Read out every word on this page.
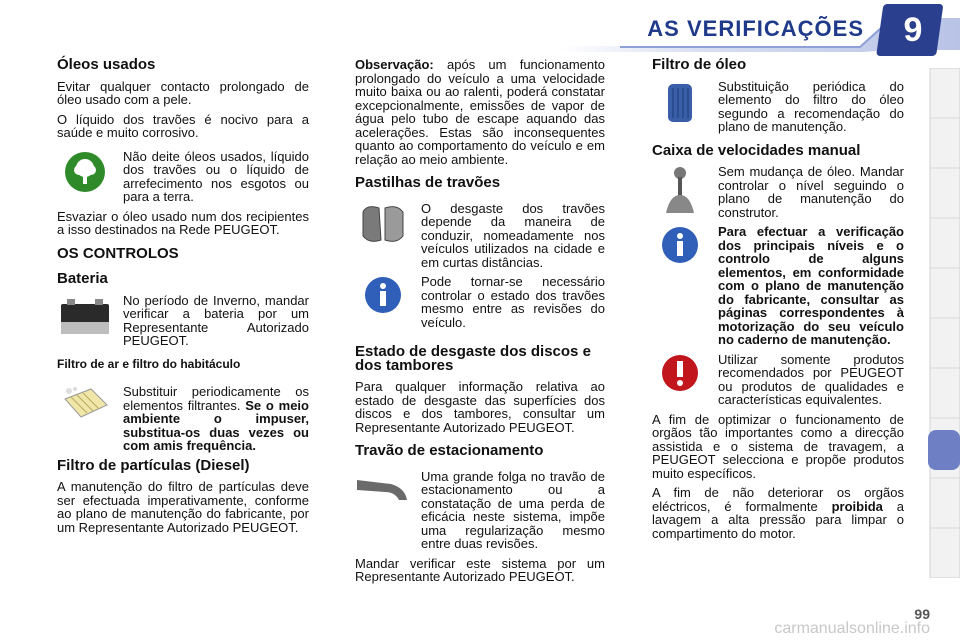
AS VERIFICAÇÕES	9
Óleos usados

Evitar qualquer contacto prolongado de óleo usado com a pele.

O líquido dos travões é nocivo para a saúde e muito corrosivo.

Não deite óleos usados, líquido dos travões ou o líquido de arrefecimento nos esgotos ou para a terra.

Esvaziar o óleo usado num dos recipientes a isso destinados na Rede PEUGEOT.

OS CONTROLOS
Bateria
No período de Inverno, mandar verificar a bateria por um Representante Autorizado PEUGEOT.
Filtro de ar e filtro do habitáculo
Substituir periodicamente os elementos filtrantes. Se o meio ambiente o impuser, substitua-os duas vezes ou com amis frequência.
Filtro de partículas (Diesel)

A manutenção do filtro de partículas deve ser efectuada imperativamente, conforme ao plano de manutenção do fabricante, por um Representante Autorizado PEUGEOT.

Observação: após um funcionamento prolongado do veículo a uma velocidade muito baixa ou ao ralenti, poderá constatar excepcionalmente, emissões de vapor de água pelo tubo de escape aquando das acelerações. Estas são inconsequentes quanto ao comportamento do veículo e em relação ao meio ambiente.

Pastilhas de travões
O desgaste dos travões depende da maneira de conduzir, nomeadamente nos veículos utilizados na cidade e em curtas distâncias.
Pode tornar-se necessário controlar o estado dos travões mesmo entre as revisões do veículo.
Estado de desgaste dos discos e dos tambores

Para qualquer informação relativa ao estado de desgaste das superfícies dos discos e dos tambores, consultar um Representante Autorizado PEUGEOT.

Travão de estacionamento
Uma grande folga no travão de estacionamento ou a constatação de uma perda de eficácia neste sistema, impõe uma regularização mesmo entre duas revisões.

Mandar verificar este sistema por um Representante Autorizado PEUGEOT.

Filtro de óleo
Substituição periódica do elemento do filtro do óleo segundo a recomendação do plano de manutenção.
Caixa de velocidades manual
Sem mudança de óleo. Mandar controlar o nível seguindo o plano de manutenção do construtor.
Para efectuar a verificação dos principais níveis e o controlo de alguns elementos, em conformidade com o plano de manutenção do fabricante, consultar as páginas correspondentes à motorização do seu veículo no caderno de manutenção.
Utilizar somente produtos recomendados por PEUGEOT ou produtos de qualidades e características equivalentes.

A fim de optimizar o funcionamento de orgãos tão importantes como a direcção assistida e o sistema de travagem, a PEUGEOT selecciona e propõe produtos muito específicos.

A fim de não deteriorar os orgãos eléctricos, é formalmente proibida a lavagem a alta pressão para limpar o compartimento do motor.

99
carmanualsonline.info
